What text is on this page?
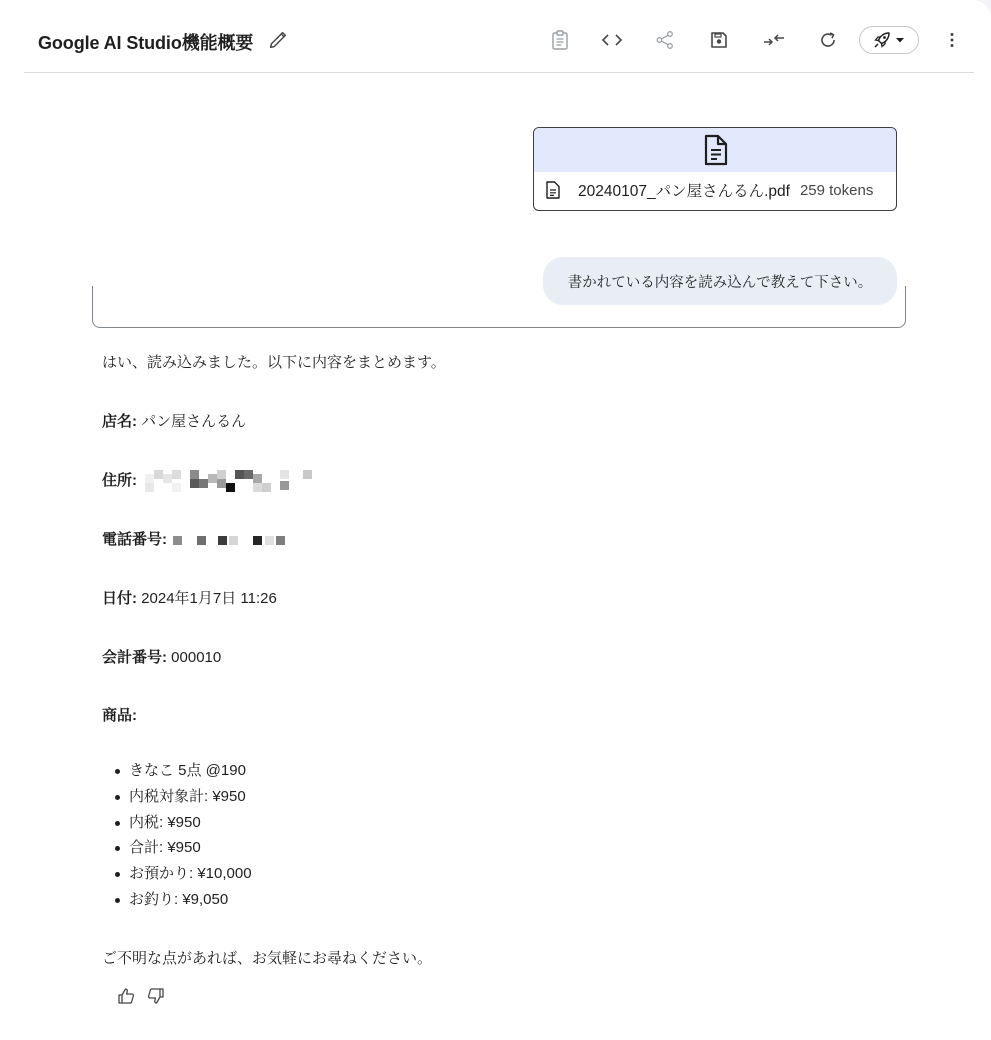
Google AI Studio機能概要
20240107_パン屋さんるん.pdf 259 tokens
書かれている内容を読み込んで教えて下さい。
はい、読み込みました。以下に内容をまとめます。
店名: パン屋さんるん
住所:
電話番号:
日付: 2024年1月7日 11:26
会計番号: 000010
商品:
きなこ 5点 @190
内税対象計: ¥950
内税: ¥950
合計: ¥950
お預かり: ¥10,000
お釣り: ¥9,050
ご不明な点があれば、お気軽にお尋ねください。
